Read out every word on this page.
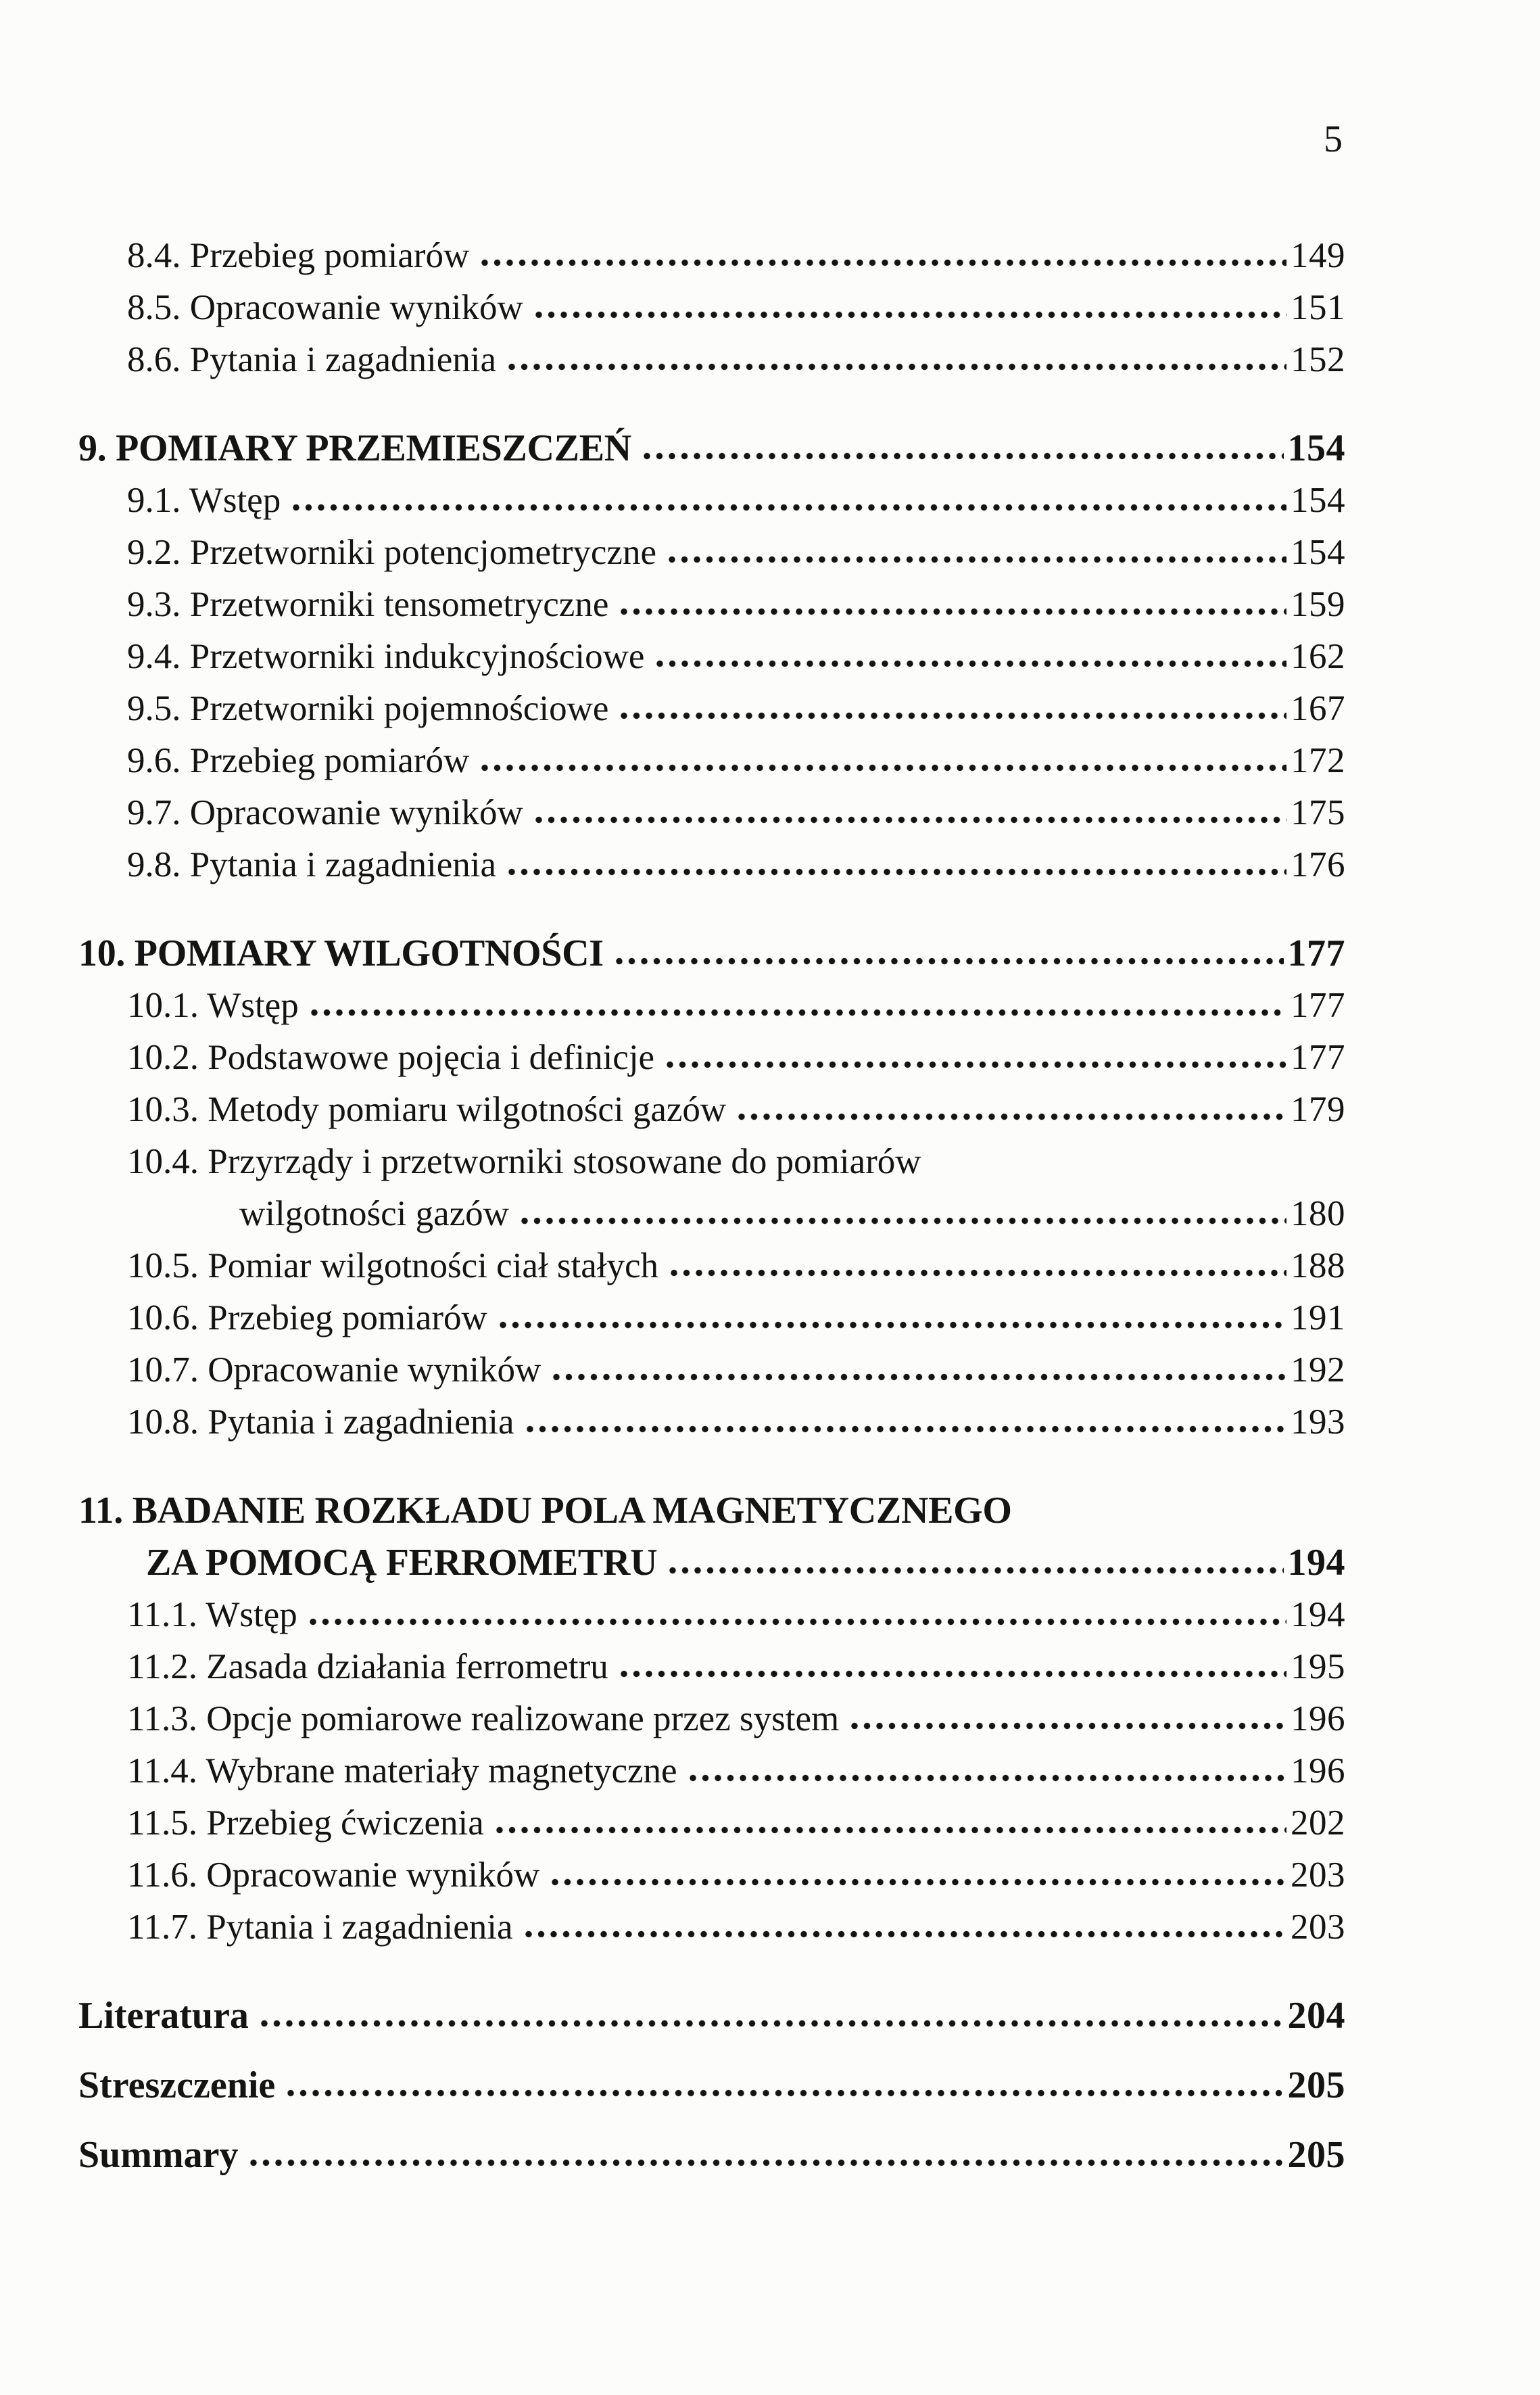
5
8.4. Przebieg pomiarów	149
8.5. Opracowanie wyników	151
8.6. Pytania i zagadnienia	152
9. POMIARY PRZEMIESZCZEŃ	154
9.1. Wstęp	154
9.2. Przetworniki potencjometryczne	154
9.3. Przetworniki tensometryczne	159
9.4. Przetworniki indukcyjnościowe	162
9.5. Przetworniki pojemnościowe	167
9.6. Przebieg pomiarów	172
9.7. Opracowanie wyników	175
9.8. Pytania i zagadnienia	176
10. POMIARY WILGOTNOŚCI	177
10.1. Wstęp	177
10.2. Podstawowe pojęcia i definicje	177
10.3. Metody pomiaru wilgotności gazów	179
10.4. Przyrządy i przetworniki stosowane do pomiarów
wilgotności gazów	180
10.5. Pomiar wilgotności ciał stałych	188
10.6. Przebieg pomiarów	191
10.7. Opracowanie wyników	192
10.8. Pytania i zagadnienia	193
11. BADANIE ROZKŁADU POLA MAGNETYCZNEGO
ZA POMOCĄ FERROMETRU	194
11.1. Wstęp	194
11.2. Zasada działania ferrometru	195
11.3. Opcje pomiarowe realizowane przez system	196
11.4. Wybrane materiały magnetyczne	196
11.5. Przebieg ćwiczenia	202
11.6. Opracowanie wyników	203
11.7. Pytania i zagadnienia	203
Literatura	204
Streszczenie	205
Summary	205
